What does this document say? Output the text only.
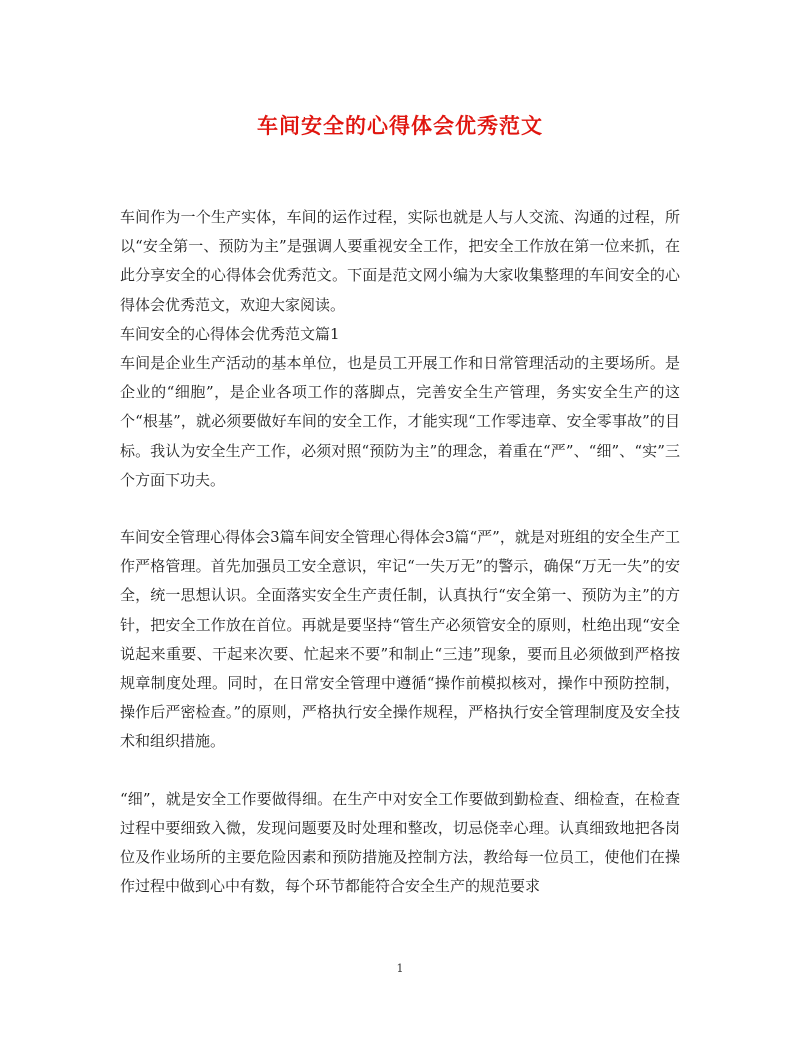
车间安全的心得体会优秀范文

车间作为一个生产实体，车间的运作过程，实际也就是人与人交流、沟通的过程，所以“安全第一、预防为主”是强调人要重视安全工作，把安全工作放在第一位来抓，在此分享安全的心得体会优秀范文。下面是范文网小编为大家收集整理的车间安全的心得体会优秀范文，欢迎大家阅读。

车间安全的心得体会优秀范文篇1

车间是企业生产活动的基本单位，也是员工开展工作和日常管理活动的主要场所。是企业的“细胞”，是企业各项工作的落脚点，完善安全生产管理，务实安全生产的这个“根基”，就必须要做好车间的安全工作，才能实现“工作零违章、安全零事故”的目标。我认为安全生产工作，必须对照“预防为主”的理念，着重在“严”、“细”、“实”三个方面下功夫。

车间安全管理心得体会3篇车间安全管理心得体会3篇“严”，就是对班组的安全生产工作严格管理。首先加强员工安全意识，牢记“一失万无”的警示，确保“万无一失”的安全，统一思想认识。全面落实安全生产责任制，认真执行“安全第一、预防为主”的方针，把安全工作放在首位。再就是要坚持“管生产必须管安全的原则，杜绝出现“安全说起来重要、干起来次要、忙起来不要”和制止“三违”现象，要而且必须做到严格按规章制度处理。同时，在日常安全管理中遵循“操作前模拟核对，操作中预防控制，操作后严密检查。”的原则，严格执行安全操作规程，严格执行安全管理制度及安全技术和组织措施。

“细”，就是安全工作要做得细。在生产中对安全工作要做到勤检查、细检查，在检查过程中要细致入微，发现问题要及时处理和整改，切忌侥幸心理。认真细致地把各岗位及作业场所的主要危险因素和预防措施及控制方法，教给每一位员工，使他们在操作过程中做到心中有数，每个环节都能符合安全生产的规范要求

1
